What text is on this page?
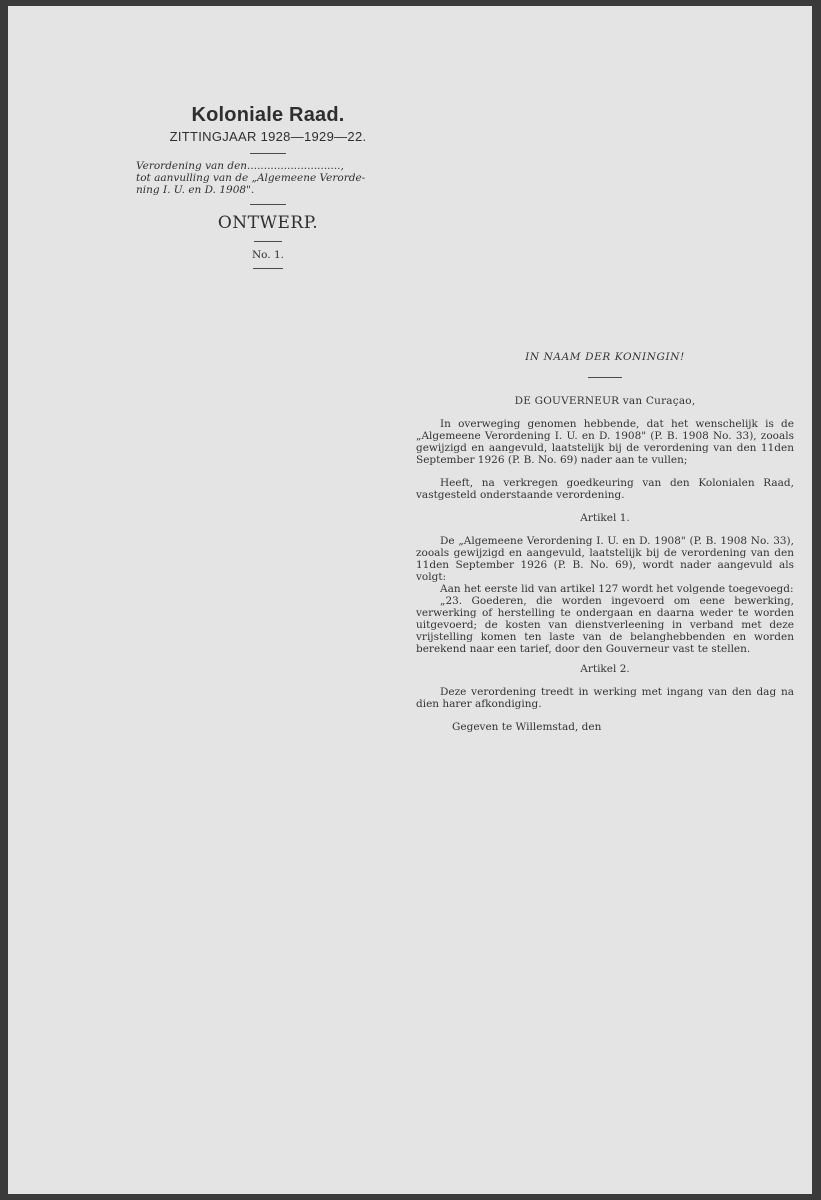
Koloniale Raad.

ZITTINGJAAR 1928—1929—22.

Verordening van den............................,
tot aanvulling van de „Algemeene Verorde-
ning I. U. en D. 1908".

ONTWERP.

No. 1.

IN NAAM DER KONINGIN!

DE GOUVERNEUR van Curaçao,

In overweging genomen hebbende, dat het wenschelijk is de „Algemeene Verordening I. U. en D. 1908" (P. B. 1908 No. 33), zooals gewijzigd en aangevuld, laatstelijk bij de verordening van den 11den September 1926 (P. B. No. 69) nader aan te vullen;

Heeft, na verkregen goedkeuring van den Kolonialen Raad, vastgesteld onderstaande verordening.

Artikel 1.

De „Algemeene Verordening I. U. en D. 1908" (P. B. 1908 No. 33), zooals gewijzigd en aangevuld, laatstelijk bij de verordening van den 11den September 1926 (P. B. No. 69), wordt nader aangevuld als volgt:

Aan het eerste lid van artikel 127 wordt het volgende toegevoegd:

„23. Goederen, die worden ingevoerd om eene bewerking, verwerking of herstelling te ondergaan en daarna weder te worden uitgevoerd; de kosten van dienstverleening in verband met deze vrijstelling komen ten laste van de belanghebbenden en worden berekend naar een tarief, door den Gouverneur vast te stellen.

Artikel 2.

Deze verordening treedt in werking met ingang van den dag na dien harer afkondiging.

Gegeven te Willemstad, den
